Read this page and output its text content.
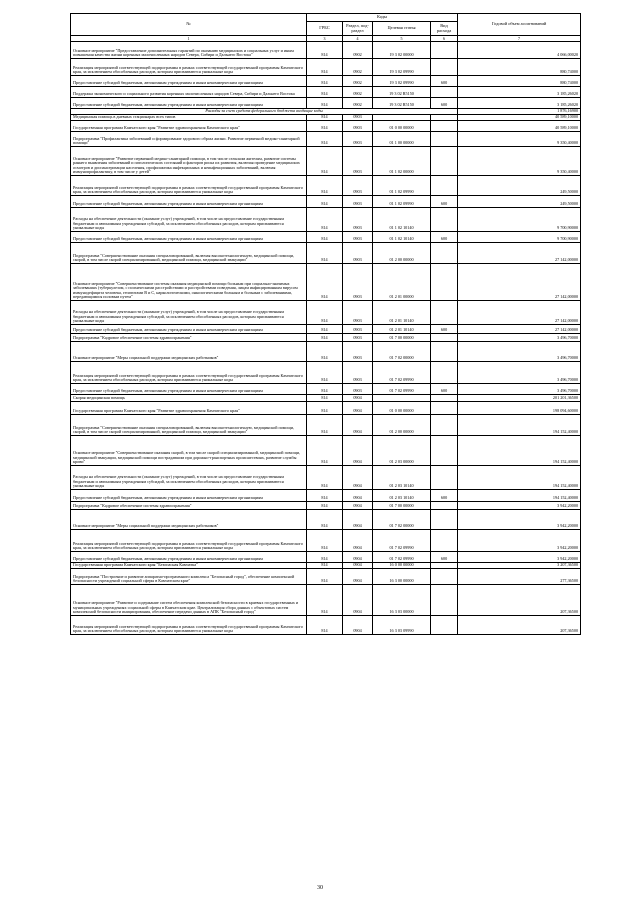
№	Коды				Годовой объем ассигнований
	ГРБС	Раздел, под-раздел	Целевая статья	Вид расхода	
1	3	4	5	6	7
Основное мероприятие "Предоставление дополнительных гарантий по оказанию медицинских и социальных услуг и иным повышения качества жизни коренных малочисленных народов Севера, Сибири и Дальнего Востока"	814	0902	19 3 02 00000		4 066,00020
Реализация мероприятий соответствующей подпрограммы в рамках соответствующей государственной программы Камчатского края, за исключением обособленных расходов, которым присваиваются уникальные коды	814	0902	19 3 02 09990		880,74000
Предоставление субсидий бюджетным, автономным учреждениям и иным некоммерческим организациям	814	0902	19 3 02 09990	600	880,74000
Поддержка экономического и социального развития коренных малочисленных народов Севера, Сибири и Дальнего Востока	814	0902	19 3 02 R5150		3 185,26020
Предоставление субсидий бюджетным, автономным учреждениям и иным некоммерческим организациям	814	0902	19 3 02 R5150	600	3 185,26020
Расходы за счет средств федерального бюджета входящие коды					1 876,16900
Медицинская помощь в дневных стационарах всех типов	814	0903			40 589,10000
Государственная программа Камчатского края "Развитие здравоохранения Камчатского края"	814	0903	01 0 00 00000		40 589,10000
Подпрограмма "Профилактика заболеваний и формирование здорового образа жизни. Развитие первичной медико-санитарной помощи"	814	0903	01 1 00 00000		9 350,40000
Основное мероприятие "Развитие первичной медико-санитарной помощи, в том числе сельским жителям, развитие системы раннего выявления заболеваний и патологических состояний и факторов риска их развития, включая проведение медицинских осмотров и диспансеризации населения, профилактика инфекционных и неинфекционных заболеваний, включая иммунопрофилактику, в том числе у детей"	814	0903	01 1 02 00000		9 350,40000
Реализация мероприятий соответствующей подпрограммы в рамках соответствующей государственной программы Камчатского края, за исключением обособленных расходов, которым присваиваются уникальные коды	814	0903	01 1 02 09990		249,50000
Предоставление субсидий бюджетным, автономным учреждениям и иным некоммерческим организациям	814	0903	01 1 02 09990	600	249,50000
Расходы на обеспечение деятельности (оказание услуг) учреждений, в том числе на предоставление государственным бюджетным и автономным учреждениям субсидий, за исключением обособленных расходов, которым присваиваются уникальные коды	814	0903	01 1 02 10140		9 700,90000
Предоставление субсидий бюджетным, автономным учреждениям и иным некоммерческим организациям	814	0903	01 1 02 10140	600	9 700,90000
Подпрограмма "Совершенствование оказания специализированной, включая высокотехнологичную, медицинской помощи, скорой, в том числе скорой специализированной, медицинской помощи, медицинской эвакуации"	814	0903	01 2 00 00000		27 142,00000
Основное мероприятие "Совершенствование системы оказания медицинской помощи больным при социально-значимых заболеваниях (туберкулезом, с психическими расстройствами и расстройствами поведения, лицам инфицированным вирусом иммунодефицита человека, гепатитами В и С, наркологическими, онкологическими больным и больным с заболеваниями, передающимися половым путем"	814	0903	01 2 01 00000		27 142,00000
Расходы на обеспечение деятельности (оказание услуг) учреждений, в том числе на предоставление государственным бюджетным и автономным учреждениям субсидий, за исключением обособленных расходов, которым присваиваются уникальные коды	814	0903	01 2 01 10140		27 142,00000
Предоставление субсидий бюджетным, автономным учреждениям и иным некоммерческим организациям	814	0903	01 2 01 10140	600	27 142,00000
Подпрограмма "Кадровое обеспечение системы здравоохранения"	814	0903	01 7 00 00000		3 496,70000
Основное мероприятие "Меры социальной поддержки медицинских работников"	814	0903	01 7 02 00000		3 496,70000
Реализация мероприятий соответствующей подпрограммы в рамках соответствующей государственной программы Камчатского края, за исключением обособленных расходов, которым присваиваются уникальные коды	814	0903	01 7 02 09990		3 496,70000
Предоставление субсидий бюджетным, автономным учреждениям и иным некоммерческим организациям	814	0903	01 7 02 09990	600	3 496,70000
Скорая медицинская помощь	814	0904			201 201,36500
Государственная программа Камчатского края "Развитие здравоохранения Камчатского края"	814	0904	01 0 00 00000		198 094,60000
Подпрограмма "Совершенствование оказания специализированной, включая высокотехнологичную, медицинской помощи, скорой, в том числе скорой специализированной, медицинской помощи, медицинской эвакуации"	814	0904	01 2 00 00000		194 152,40000
Основное мероприятие "Совершенствование оказания скорой, в том числе скорой специализированной, медицинской помощи, медицинской эвакуации, медицинской помощи пострадавшим при дорожно-транспортных происшествиях, развитие службы крови"	814	0904	01 2 03 00000		194 152,40000
Расходы на обеспечение деятельности (оказание услуг) учреждений, в том числе на предоставление государственным бюджетным и автономным учреждениям субсидий, за исключением обособленных расходов, которым присваиваются уникальные коды	814	0904	01 2 03 10140		194 152,40000
Предоставление субсидий бюджетным, автономным учреждениям и иным некоммерческим организациям	814	0904	01 2 03 10140	600	194 152,40000
Подпрограмма "Кадровое обеспечение системы здравоохранения"	814	0904	01 7 00 00000		3 942,20000
Основное мероприятие "Меры социальной поддержки медицинских работников"	814	0904	01 7 02 00000		3 942,20000
Реализация мероприятий соответствующей подпрограммы в рамках соответствующей государственной программы Камчатского края, за исключением обособленных расходов, которым присваиваются уникальные коды	814	0904	01 7 02 09990		3 942,20000
Предоставление субсидий бюджетным, автономным учреждениям и иным некоммерческим организациям	814	0904	01 7 02 09990	600	3 942,20000
Государственная программа Камчатского края "Безопасная Камчатка"	814	0904	16 0 00 00000		3 207,36500
Подпрограмма "Построение и развитие аппаратно-программного комплекса "Безопасный город", обеспечение комплексной безопасности учреждений социальной сферы в Камчатском крае"	814	0904	16 3 00 00000		277,36500
Основное мероприятие "Развитие и содержание систем обеспечения комплексной безопасности в краевых государственных и муниципальных учреждениях социальной сферы в Камчатском крае. Централизация сбора данных с объектовых систем комплексной безопасности инициирования, обеспечение передачи данных в АПК "Безопасный город"	814	0904	16 3 03 00000		207,36500
Реализация мероприятий соответствующей подпрограммы в рамках соответствующей государственной программы Камчатского края, за исключением обособленных расходов, которым присваиваются уникальные коды	814	0904	16 3 03 09990		207,36500
30
